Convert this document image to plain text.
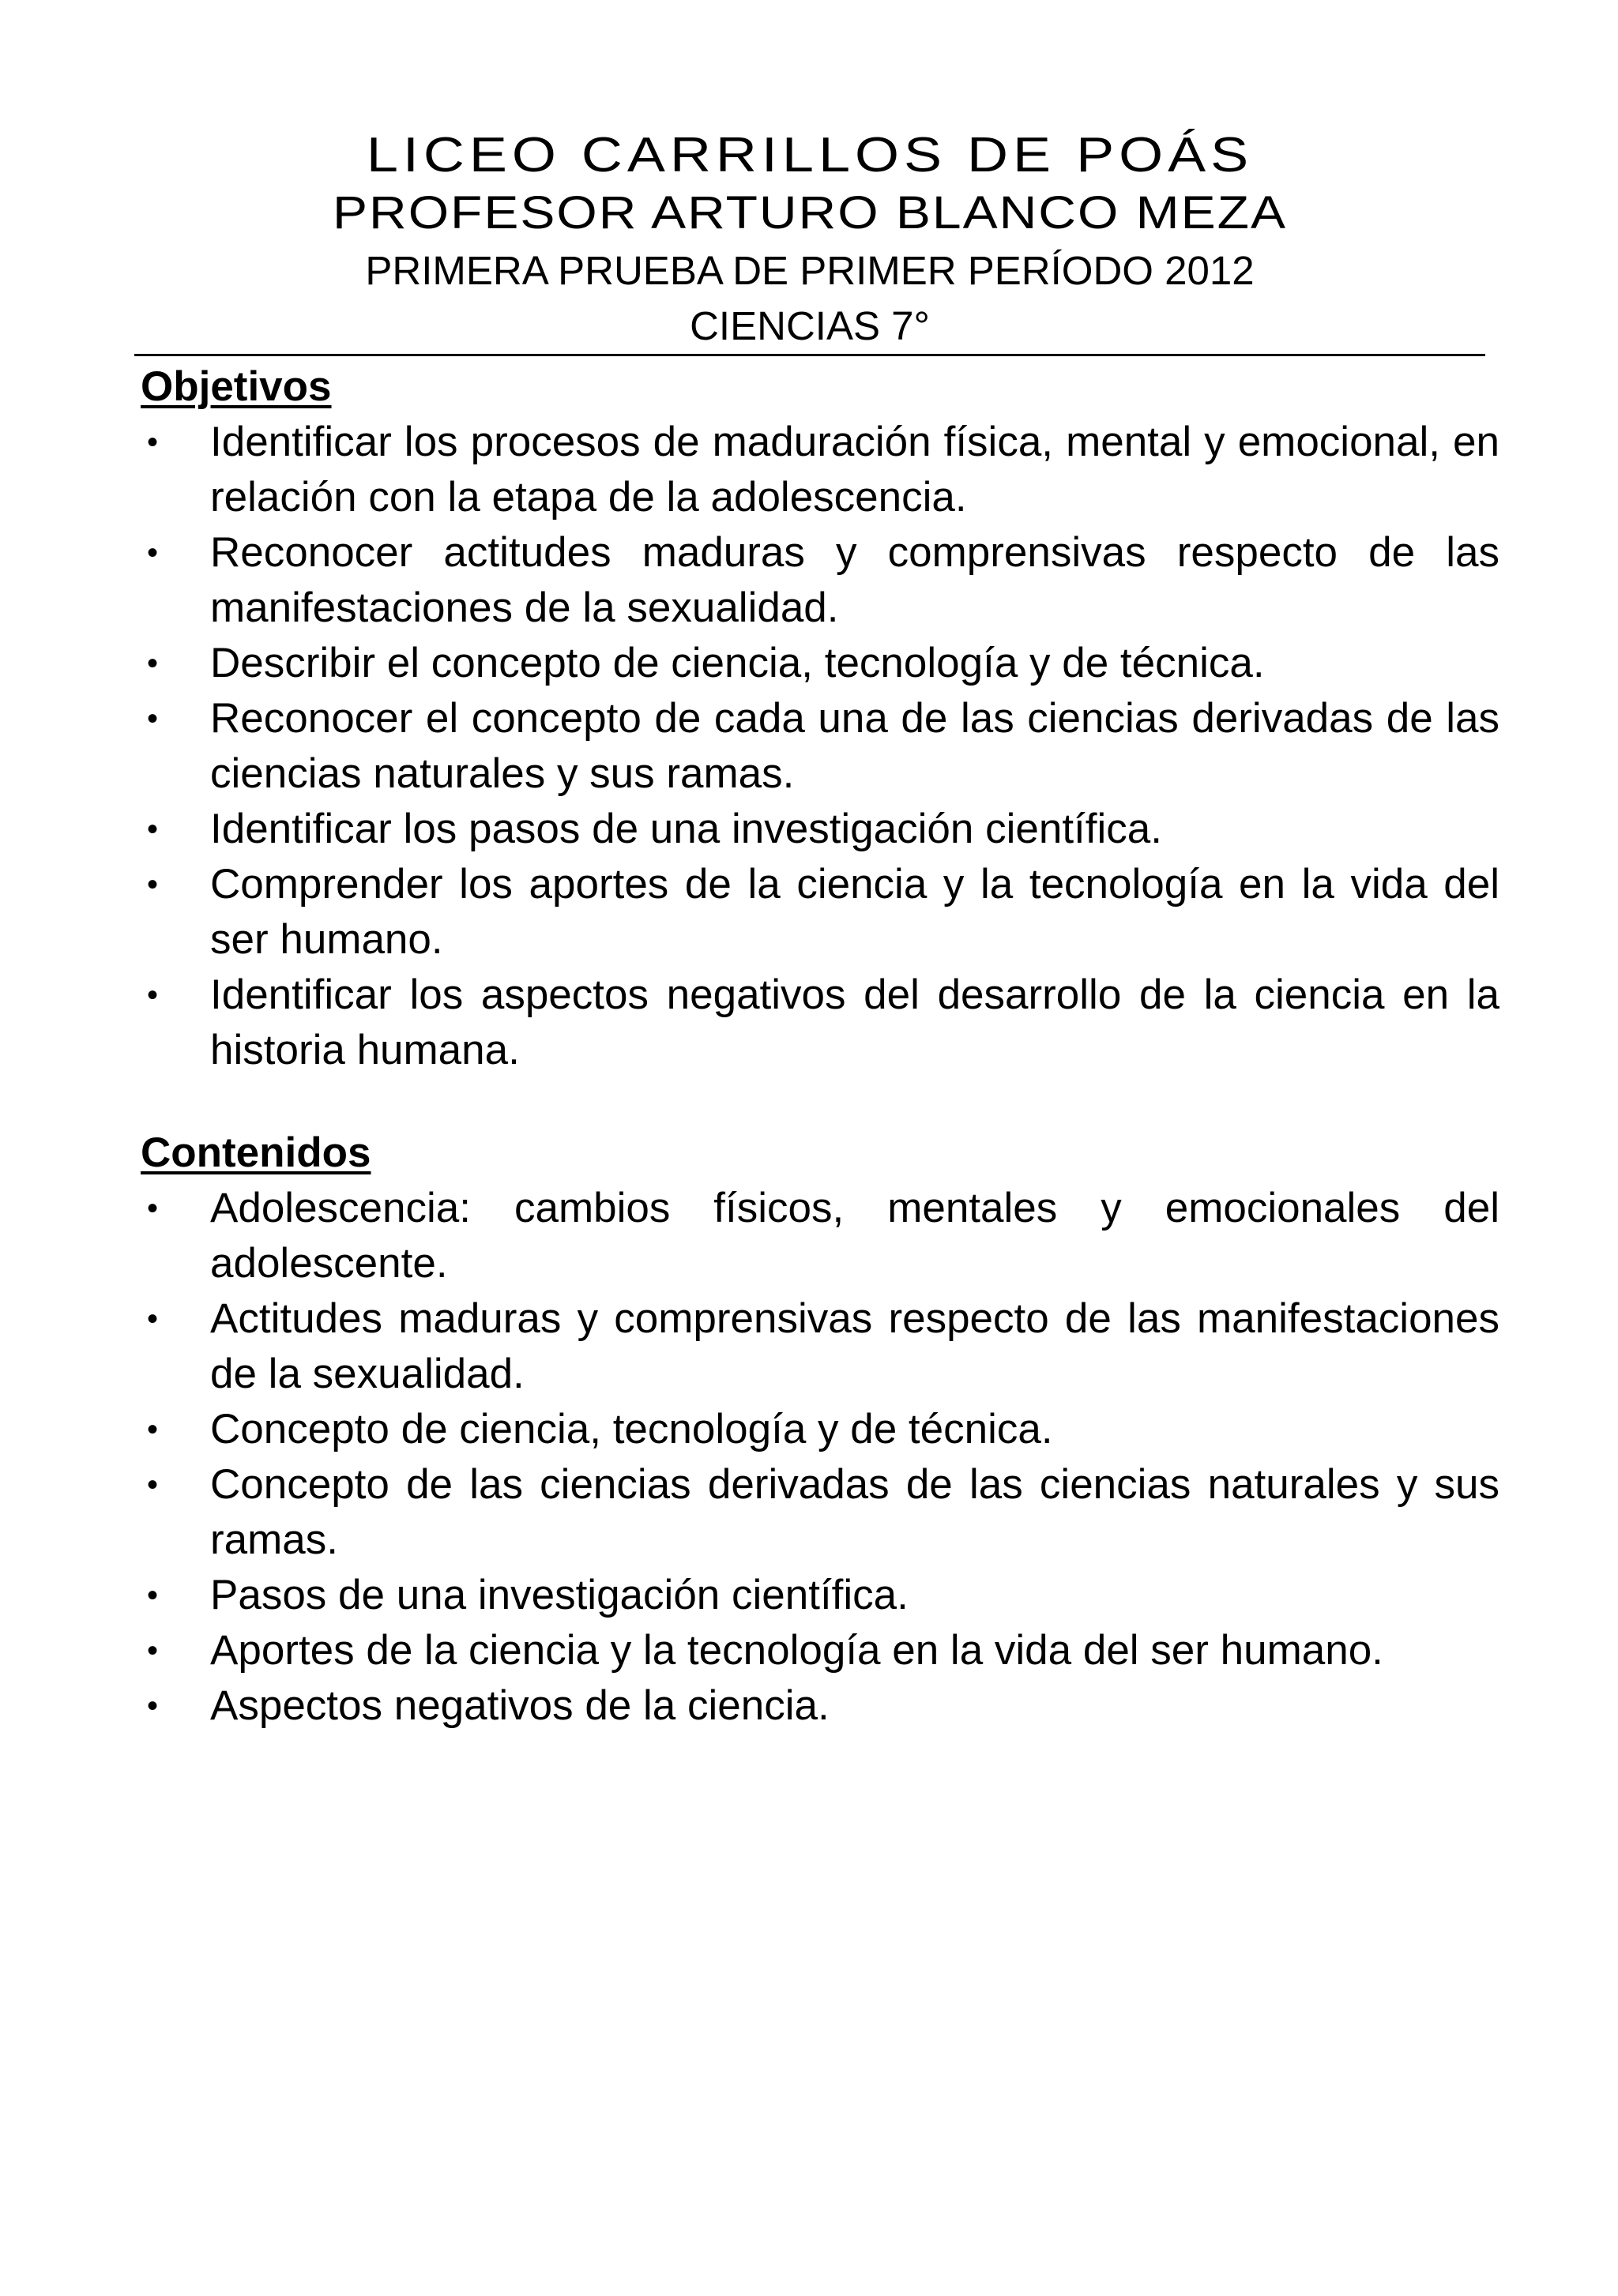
LICEO CARRILLOS DE POÁS
PROFESOR ARTURO BLANCO MEZA
PRIMERA PRUEBA DE PRIMER PERÍODO 2012
CIENCIAS 7°
Objetivos
• Identificar los procesos de maduración física, mental y emocional, en relación con la etapa de la adolescencia.
• Reconocer actitudes maduras y comprensivas respecto de las manifestaciones de la sexualidad.
• Describir el concepto de ciencia, tecnología y de técnica.
• Reconocer el concepto de cada una de las ciencias derivadas de las ciencias naturales y sus ramas.
• Identificar los pasos de una investigación científica.
• Comprender los aportes de la ciencia y la tecnología en la vida del ser humano.
• Identificar los aspectos negativos del desarrollo de la ciencia en la historia humana.
Contenidos
• Adolescencia: cambios físicos, mentales y emocionales del adolescente.
• Actitudes maduras y comprensivas respecto de las manifestaciones de la sexualidad.
• Concepto de ciencia, tecnología y de técnica.
• Concepto de las ciencias derivadas de las ciencias naturales y sus ramas.
• Pasos de una investigación científica.
• Aportes de la ciencia y la tecnología en la vida del ser humano.
• Aspectos negativos de la ciencia.
